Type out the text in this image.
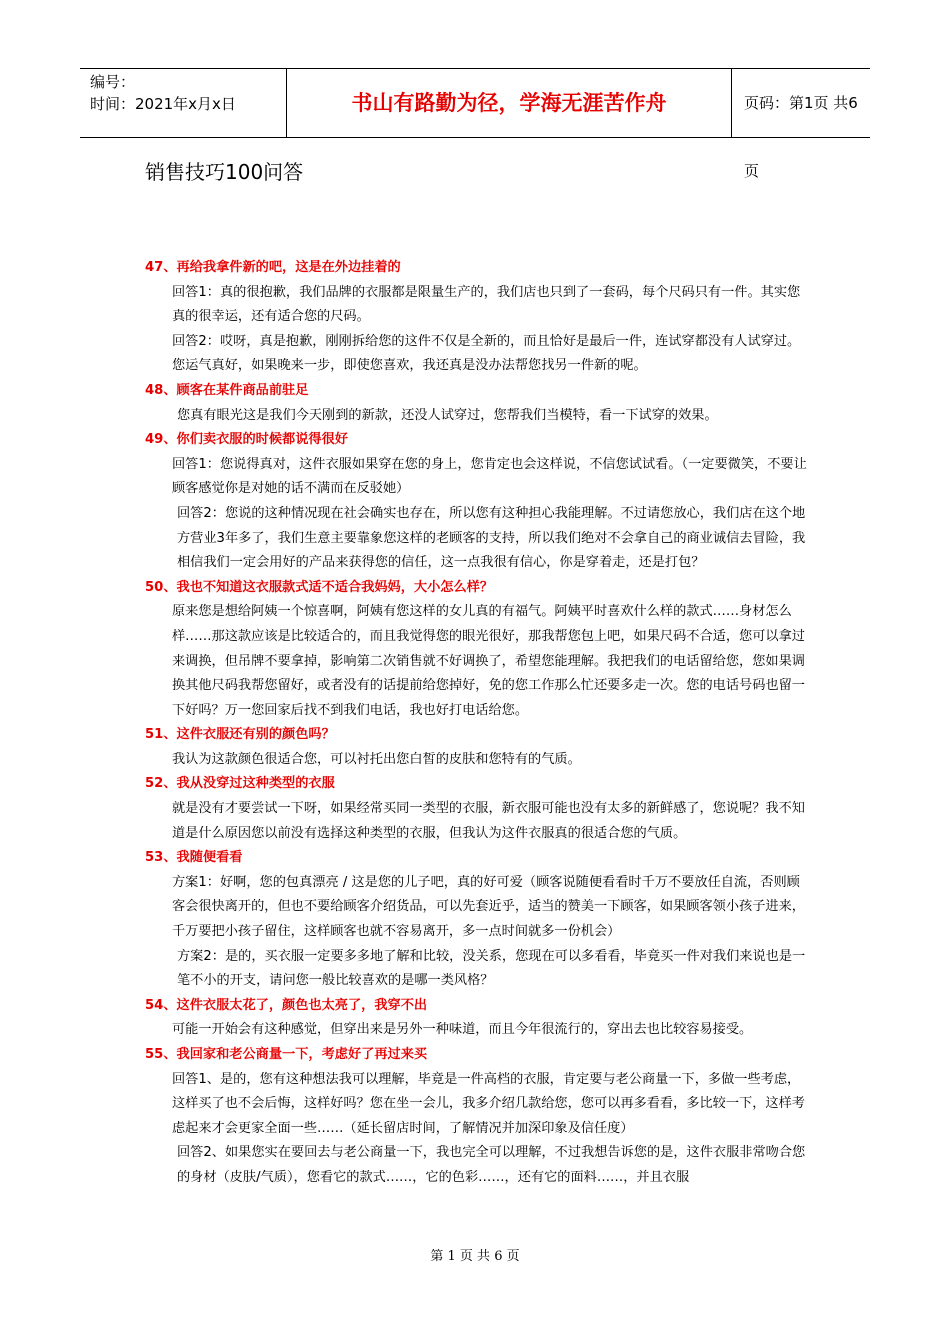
编号：
时间：2021年x月x日	书山有路勤为径，学海无涯苦作舟	页码：第1页 共6页
销售技巧100问答
47、再给我拿件新的吧，这是在外边挂着的
回答1：真的很抱歉，我们品牌的衣服都是限量生产的，我们店也只到了一套码，每个尺码只有一件。其实您真的很幸运，还有适合您的尺码。
回答2：哎呀，真是抱歉，刚刚拆给您的这件不仅是全新的，而且恰好是最后一件，连试穿都没有人试穿过。您运气真好，如果晚来一步，即使您喜欢，我还真是没办法帮您找另一件新的呢。
48、顾客在某件商品前驻足
您真有眼光这是我们今天刚到的新款，还没人试穿过，您帮我们当模特，看一下试穿的效果。
49、你们卖衣服的时候都说得很好
回答1：您说得真对，这件衣服如果穿在您的身上，您肯定也会这样说，不信您试试看。（一定要微笑，不要让顾客感觉你是对她的话不满而在反驳她）
回答2：您说的这种情况现在社会确实也存在，所以您有这种担心我能理解。不过请您放心，我们店在这个地方营业3年多了，我们生意主要靠象您这样的老顾客的支持，所以我们绝对不会拿自己的商业诚信去冒险，我相信我们一定会用好的产品来获得您的信任，这一点我很有信心，你是穿着走，还是打包？
50、我也不知道这衣服款式适不适合我妈妈，大小怎么样？
原来您是想给阿姨一个惊喜啊，阿姨有您这样的女儿真的有福气。阿姨平时喜欢什么样的款式……身材怎么样……那这款应该是比较适合的，而且我觉得您的眼光很好，那我帮您包上吧，如果尺码不合适，您可以拿过来调换，但吊牌不要拿掉，影响第二次销售就不好调换了，希望您能理解。我把我们的电话留给您，您如果调换其他尺码我帮您留好，或者没有的话提前给您掉好，免的您工作那么忙还要多走一次。您的电话号码也留一下好吗？万一您回家后找不到我们电话，我也好打电话给您。
51、这件衣服还有别的颜色吗？
我认为这款颜色很适合您，可以衬托出您白皙的皮肤和您特有的气质。
52、我从没穿过这种类型的衣服
就是没有才要尝试一下呀，如果经常买同一类型的衣服，新衣服可能也没有太多的新鲜感了，您说呢？我不知道是什么原因您以前没有选择这种类型的衣服，但我认为这件衣服真的很适合您的气质。
53、我随便看看
方案1：好啊，您的包真漂亮 / 这是您的儿子吧，真的好可爱（顾客说随便看看时千万不要放任自流，否则顾客会很快离开的，但也不要给顾客介绍货品，可以先套近乎，适当的赞美一下顾客，如果顾客领小孩子进来，千万要把小孩子留住，这样顾客也就不容易离开，多一点时间就多一份机会）
方案2：是的，买衣服一定要多多地了解和比较，没关系，您现在可以多看看，毕竟买一件对我们来说也是一笔不小的开支，请问您一般比较喜欢的是哪一类风格？
54、这件衣服太花了，颜色也太亮了，我穿不出
可能一开始会有这种感觉，但穿出来是另外一种味道，而且今年很流行的，穿出去也比较容易接受。
55、我回家和老公商量一下，考虑好了再过来买
回答1、是的，您有这种想法我可以理解，毕竟是一件高档的衣服，肯定要与老公商量一下，多做一些考虑，这样买了也不会后悔，这样好吗？您在坐一会儿，我多介绍几款给您，您可以再多看看，多比较一下，这样考虑起来才会更家全面一些……（延长留店时间，了解情况并加深印象及信任度）
回答2、如果您实在要回去与老公商量一下，我也完全可以理解，不过我想告诉您的是，这件衣服非常吻合您的身材（皮肤/气质），您看它的款式……，它的色彩……，还有它的面料……，并且衣服
第 1 页 共 6 页
